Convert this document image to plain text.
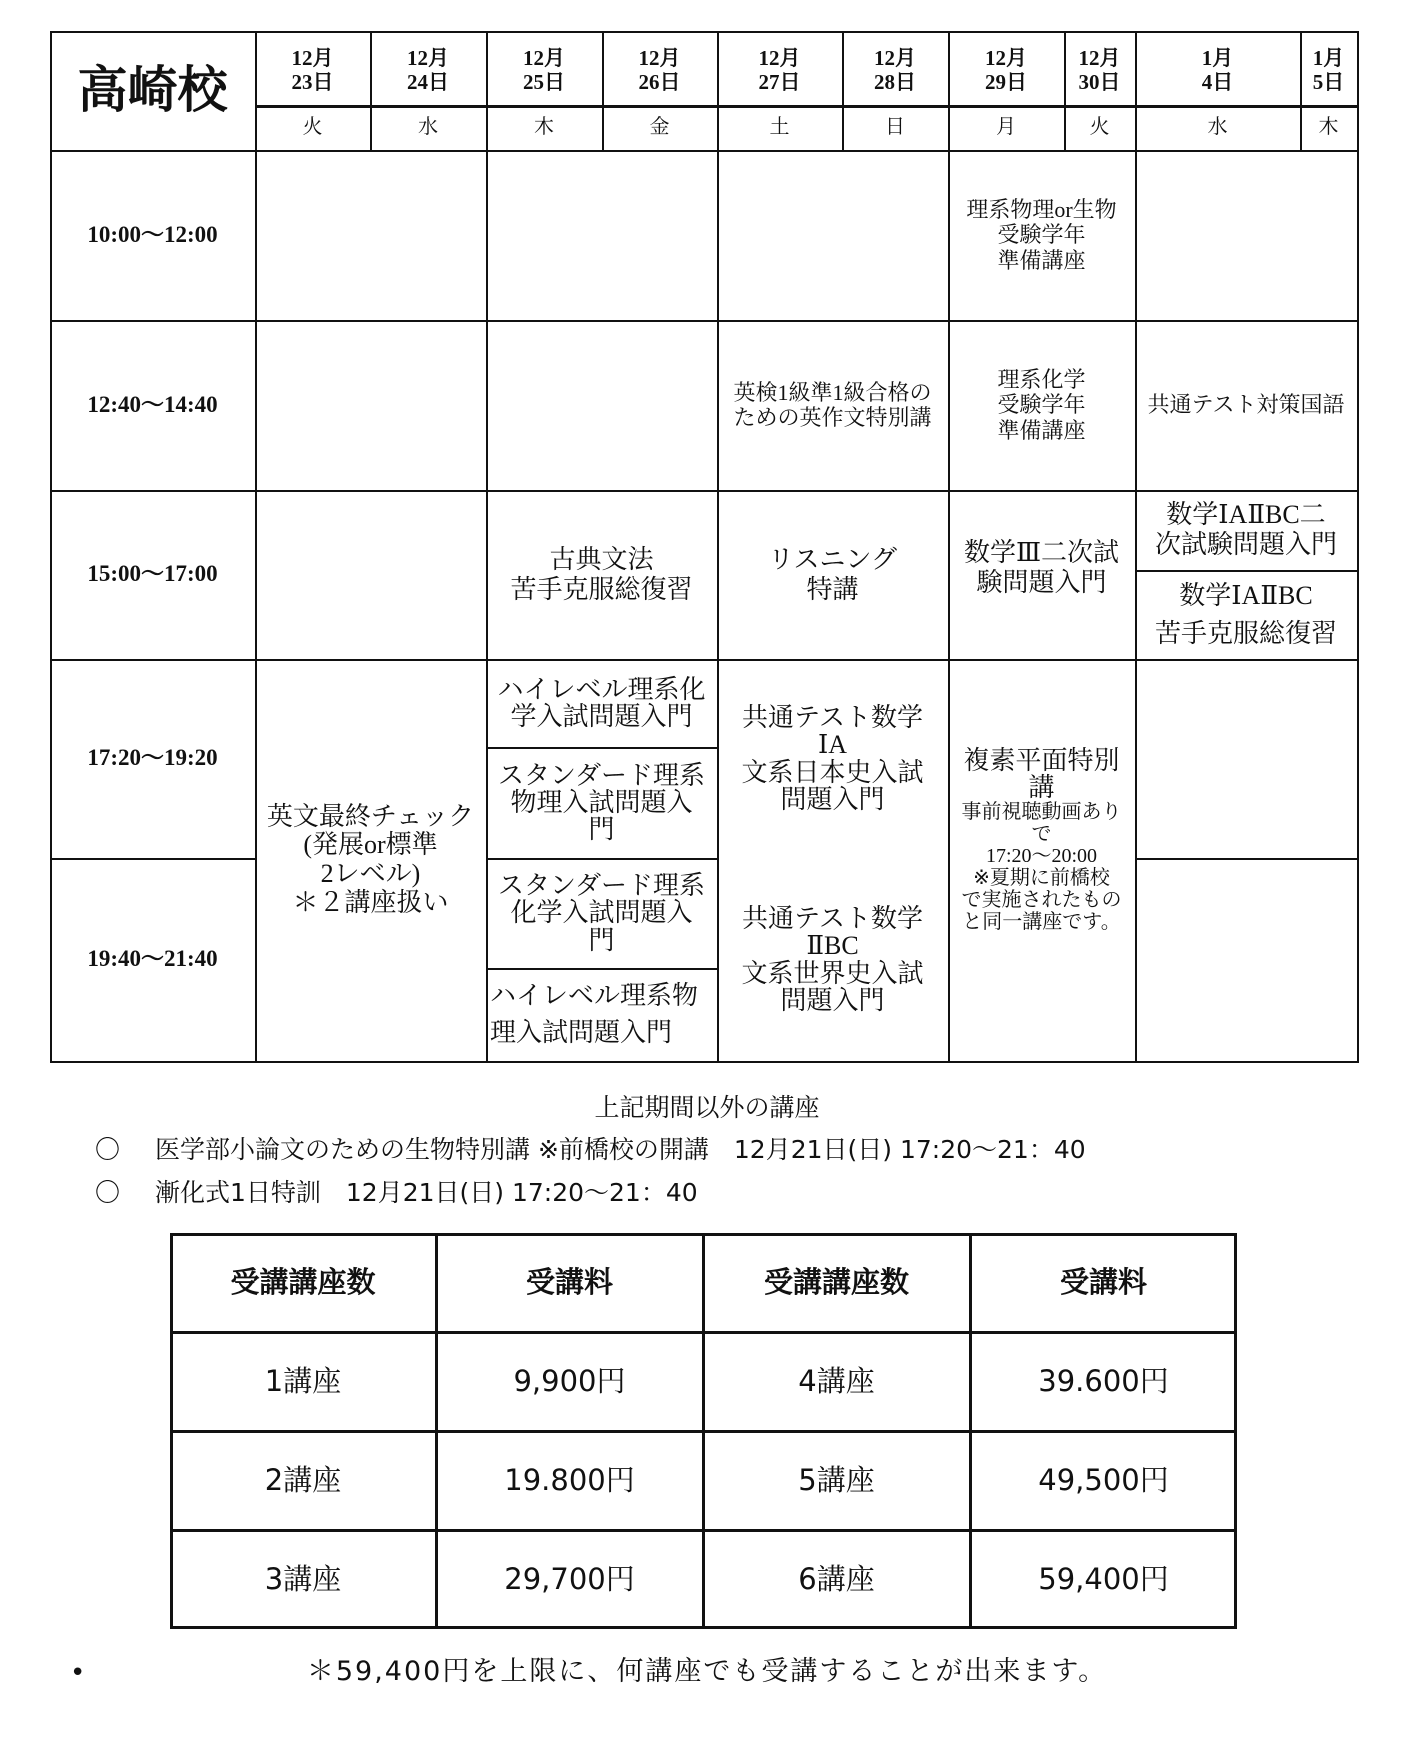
高崎校
12月
23日
火
12月
24日
水
12月
25日
木
12月
26日
金
12月
27日
土
12月
28日
日
12月
29日
月
12月
30日
火
1月
4日
水
1月
5日
木
10:00～12:00
12:40～14:40
15:00～17:00
17:20～19:20
19:40～21:40
理系物理or生物
受験学年
準備講座
英検1級準1級合格の
ための英作文特別講
理系化学
受験学年
準備講座
共通テスト対策国語
古典文法
苦手克服総復習
リスニング
特講
数学Ⅲ二次試
験問題入門
数学ⅠAⅡBC二
次試験問題入門
数学ⅠAⅡBC
苦手克服総復習
英文最終チェック
(発展or標準
2レベル)
＊２講座扱い
ハイレベル理系化
学入試問題入門
スタンダード理系
物理入試問題入
門
スタンダード理系
化学入試問題入
門
ハイレベル理系物
理入試問題入門
共通テスト数学
ⅠA
文系日本史入試
問題入門
共通テスト数学
ⅡBC
文系世界史入試
問題入門
複素平面特別
講
事前視聴動画あり
で
17:20～20:00
※夏期に前橋校
で実施されたもの
と同一講座です。
上記期間以外の講座
〇 医学部小論文のための生物特別講 ※前橋校の開講　12月21日(日) 17:20～21：40
〇 漸化式1日特訓　12月21日(日) 17:20～21：40
受講講座数
1講座
2講座
3講座
受講料
9,900円
19.800円
29,700円
受講講座数
4講座
5講座
6講座
受講料
39.600円
49,500円
59,400円
•	＊59,400円を上限に、何講座でも受講することが出来ます。
